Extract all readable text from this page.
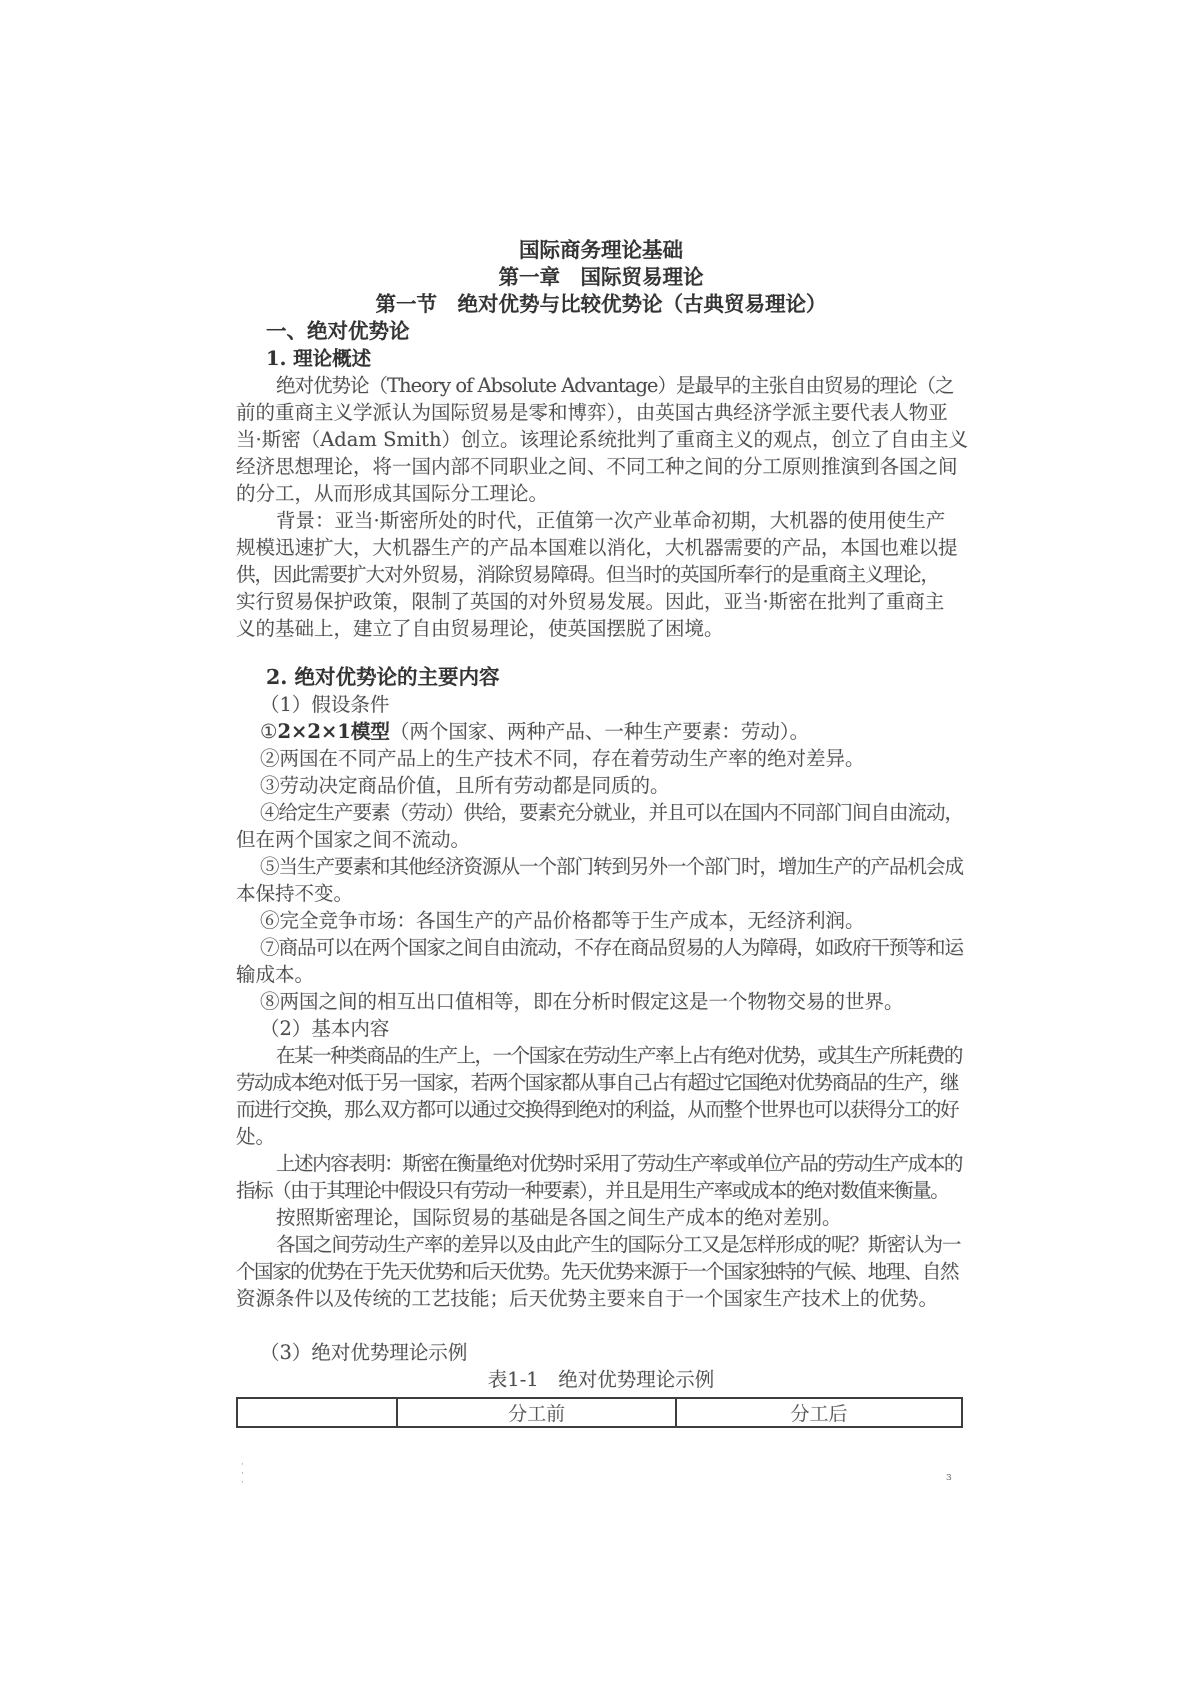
国际商务理论基础
第一章　国际贸易理论
第一节　绝对优势与比较优势论（古典贸易理论）
一、绝对优势论
1. 理论概述
绝对优势论（Theory of Absolute Advantage）是最早的主张自由贸易的理论（之
前的重商主义学派认为国际贸易是零和博弈），由英国古典经济学派主要代表人物亚
当·斯密（Adam Smith）创立。该理论系统批判了重商主义的观点，创立了自由主义
经济思想理论，将一国内部不同职业之间、不同工种之间的分工原则推演到各国之间
的分工，从而形成其国际分工理论。
背景：亚当·斯密所处的时代，正值第一次产业革命初期，大机器的使用使生产
规模迅速扩大，大机器生产的产品本国难以消化，大机器需要的产品，本国也难以提
供，因此需要扩大对外贸易，消除贸易障碍。但当时的英国所奉行的是重商主义理论，
实行贸易保护政策，限制了英国的对外贸易发展。因此，亚当·斯密在批判了重商主
义的基础上，建立了自由贸易理论，使英国摆脱了困境。
2. 绝对优势论的主要内容
（1）假设条件
①2×2×1模型（两个国家、两种产品、一种生产要素：劳动）。
②两国在不同产品上的生产技术不同，存在着劳动生产率的绝对差异。
③劳动决定商品价值，且所有劳动都是同质的。
④给定生产要素（劳动）供给，要素充分就业，并且可以在国内不同部门间自由流动，
但在两个国家之间不流动。
⑤当生产要素和其他经济资源从一个部门转到另外一个部门时，增加生产的产品机会成
本保持不变。
⑥完全竞争市场：各国生产的产品价格都等于生产成本，无经济利润。
⑦商品可以在两个国家之间自由流动，不存在商品贸易的人为障碍，如政府干预等和运
输成本。
⑧两国之间的相互出口值相等，即在分析时假定这是一个物物交易的世界。
（2）基本内容
在某一种类商品的生产上，一个国家在劳动生产率上占有绝对优势，或其生产所耗费的
劳动成本绝对低于另一国家，若两个国家都从事自己占有超过它国绝对优势商品的生产，继
而进行交换，那么双方都可以通过交换得到绝对的利益，从而整个世界也可以获得分工的好
处。
上述内容表明：斯密在衡量绝对优势时采用了劳动生产率或单位产品的劳动生产成本的
指标（由于其理论中假设只有劳动一种要素），并且是用生产率或成本的绝对数值来衡量。
按照斯密理论，国际贸易的基础是各国之间生产成本的绝对差别。
各国之间劳动生产率的差异以及由此产生的国际分工又是怎样形成的呢？斯密认为一
个国家的优势在于先天优势和后天优势。先天优势来源于一个国家独特的气候、地理、自然
资源条件以及传统的工艺技能；后天优势主要来自于一个国家生产技术上的优势。
（3）绝对优势理论示例
表1-1　绝对优势理论示例
	分工前	分工后
·
·
·	ɜ
